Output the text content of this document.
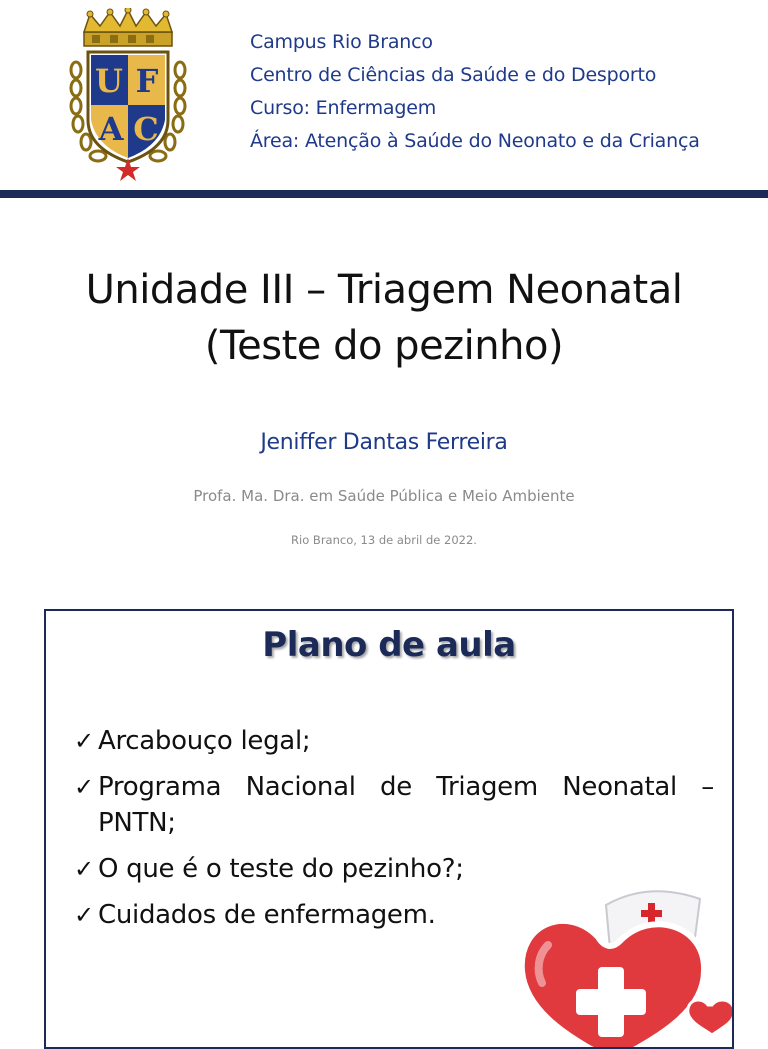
U F
A C
Campus Rio Branco
Centro de Ciências da Saúde e do Desporto
Curso: Enfermagem
Área: Atenção à Saúde do Neonato e da Criança
Unidade III – Triagem Neonatal
(Teste do pezinho)
Jeniffer Dantas Ferreira
Profa. Ma. Dra. em Saúde Pública e Meio Ambiente
Rio Branco, 13 de abril de 2022.
Plano de aula
✓ Arcabouço legal;
✓ Programa Nacional de Triagem Neonatal –
PNTN;
✓ O que é o teste do pezinho?;
✓ Cuidados de enfermagem.
